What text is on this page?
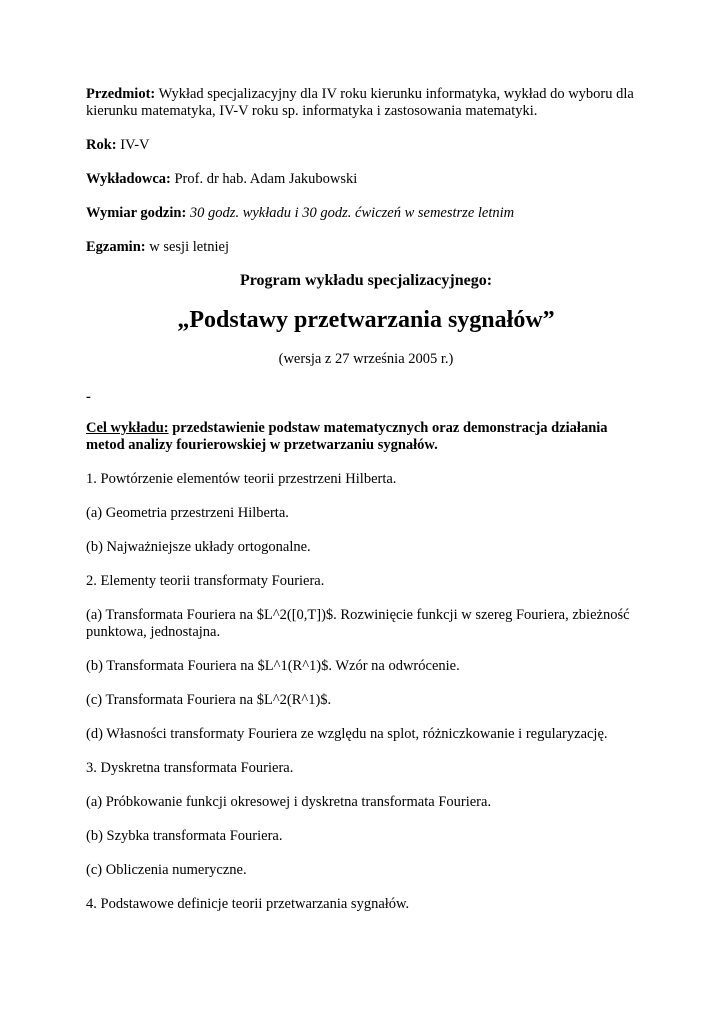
Przedmiot: Wykład specjalizacyjny dla IV roku kierunku informatyka, wykład do wyboru dla kierunku matematyka, IV-V roku sp. informatyka i zastosowania matematyki.

Rok: IV-V

Wykładowca: Prof. dr hab. Adam Jakubowski

Wymiar godzin: 30 godz. wykładu i 30 godz. ćwiczeń w semestrze letnim

Egzamin: w sesji letniej

Program wykładu specjalizacyjnego:

„Podstawy przetwarzania sygnałów”

(wersja z 27 września 2005 r.)

-

Cel wykładu: przedstawienie podstaw matematycznych oraz demonstracja działania metod analizy fourierowskiej w przetwarzaniu sygnałów.

1. Powtórzenie elementów teorii przestrzeni Hilberta.

(a) Geometria przestrzeni Hilberta.

(b) Najważniejsze układy ortogonalne.

2. Elementy teorii transformaty Fouriera.

(a) Transformata Fouriera na $L^2([0,T])$. Rozwinięcie funkcji w szereg Fouriera, zbieżność punktowa, jednostajna.

(b) Transformata Fouriera na $L^1(R^1)$. Wzór na odwrócenie.

(c) Transformata Fouriera na $L^2(R^1)$.

(d) Własności transformaty Fouriera ze względu na splot, różniczkowanie i regularyzację.

3. Dyskretna transformata Fouriera.

(a) Próbkowanie funkcji okresowej i dyskretna transformata Fouriera.

(b) Szybka transformata Fouriera.

(c) Obliczenia numeryczne.

4. Podstawowe definicje teorii przetwarzania sygnałów.
